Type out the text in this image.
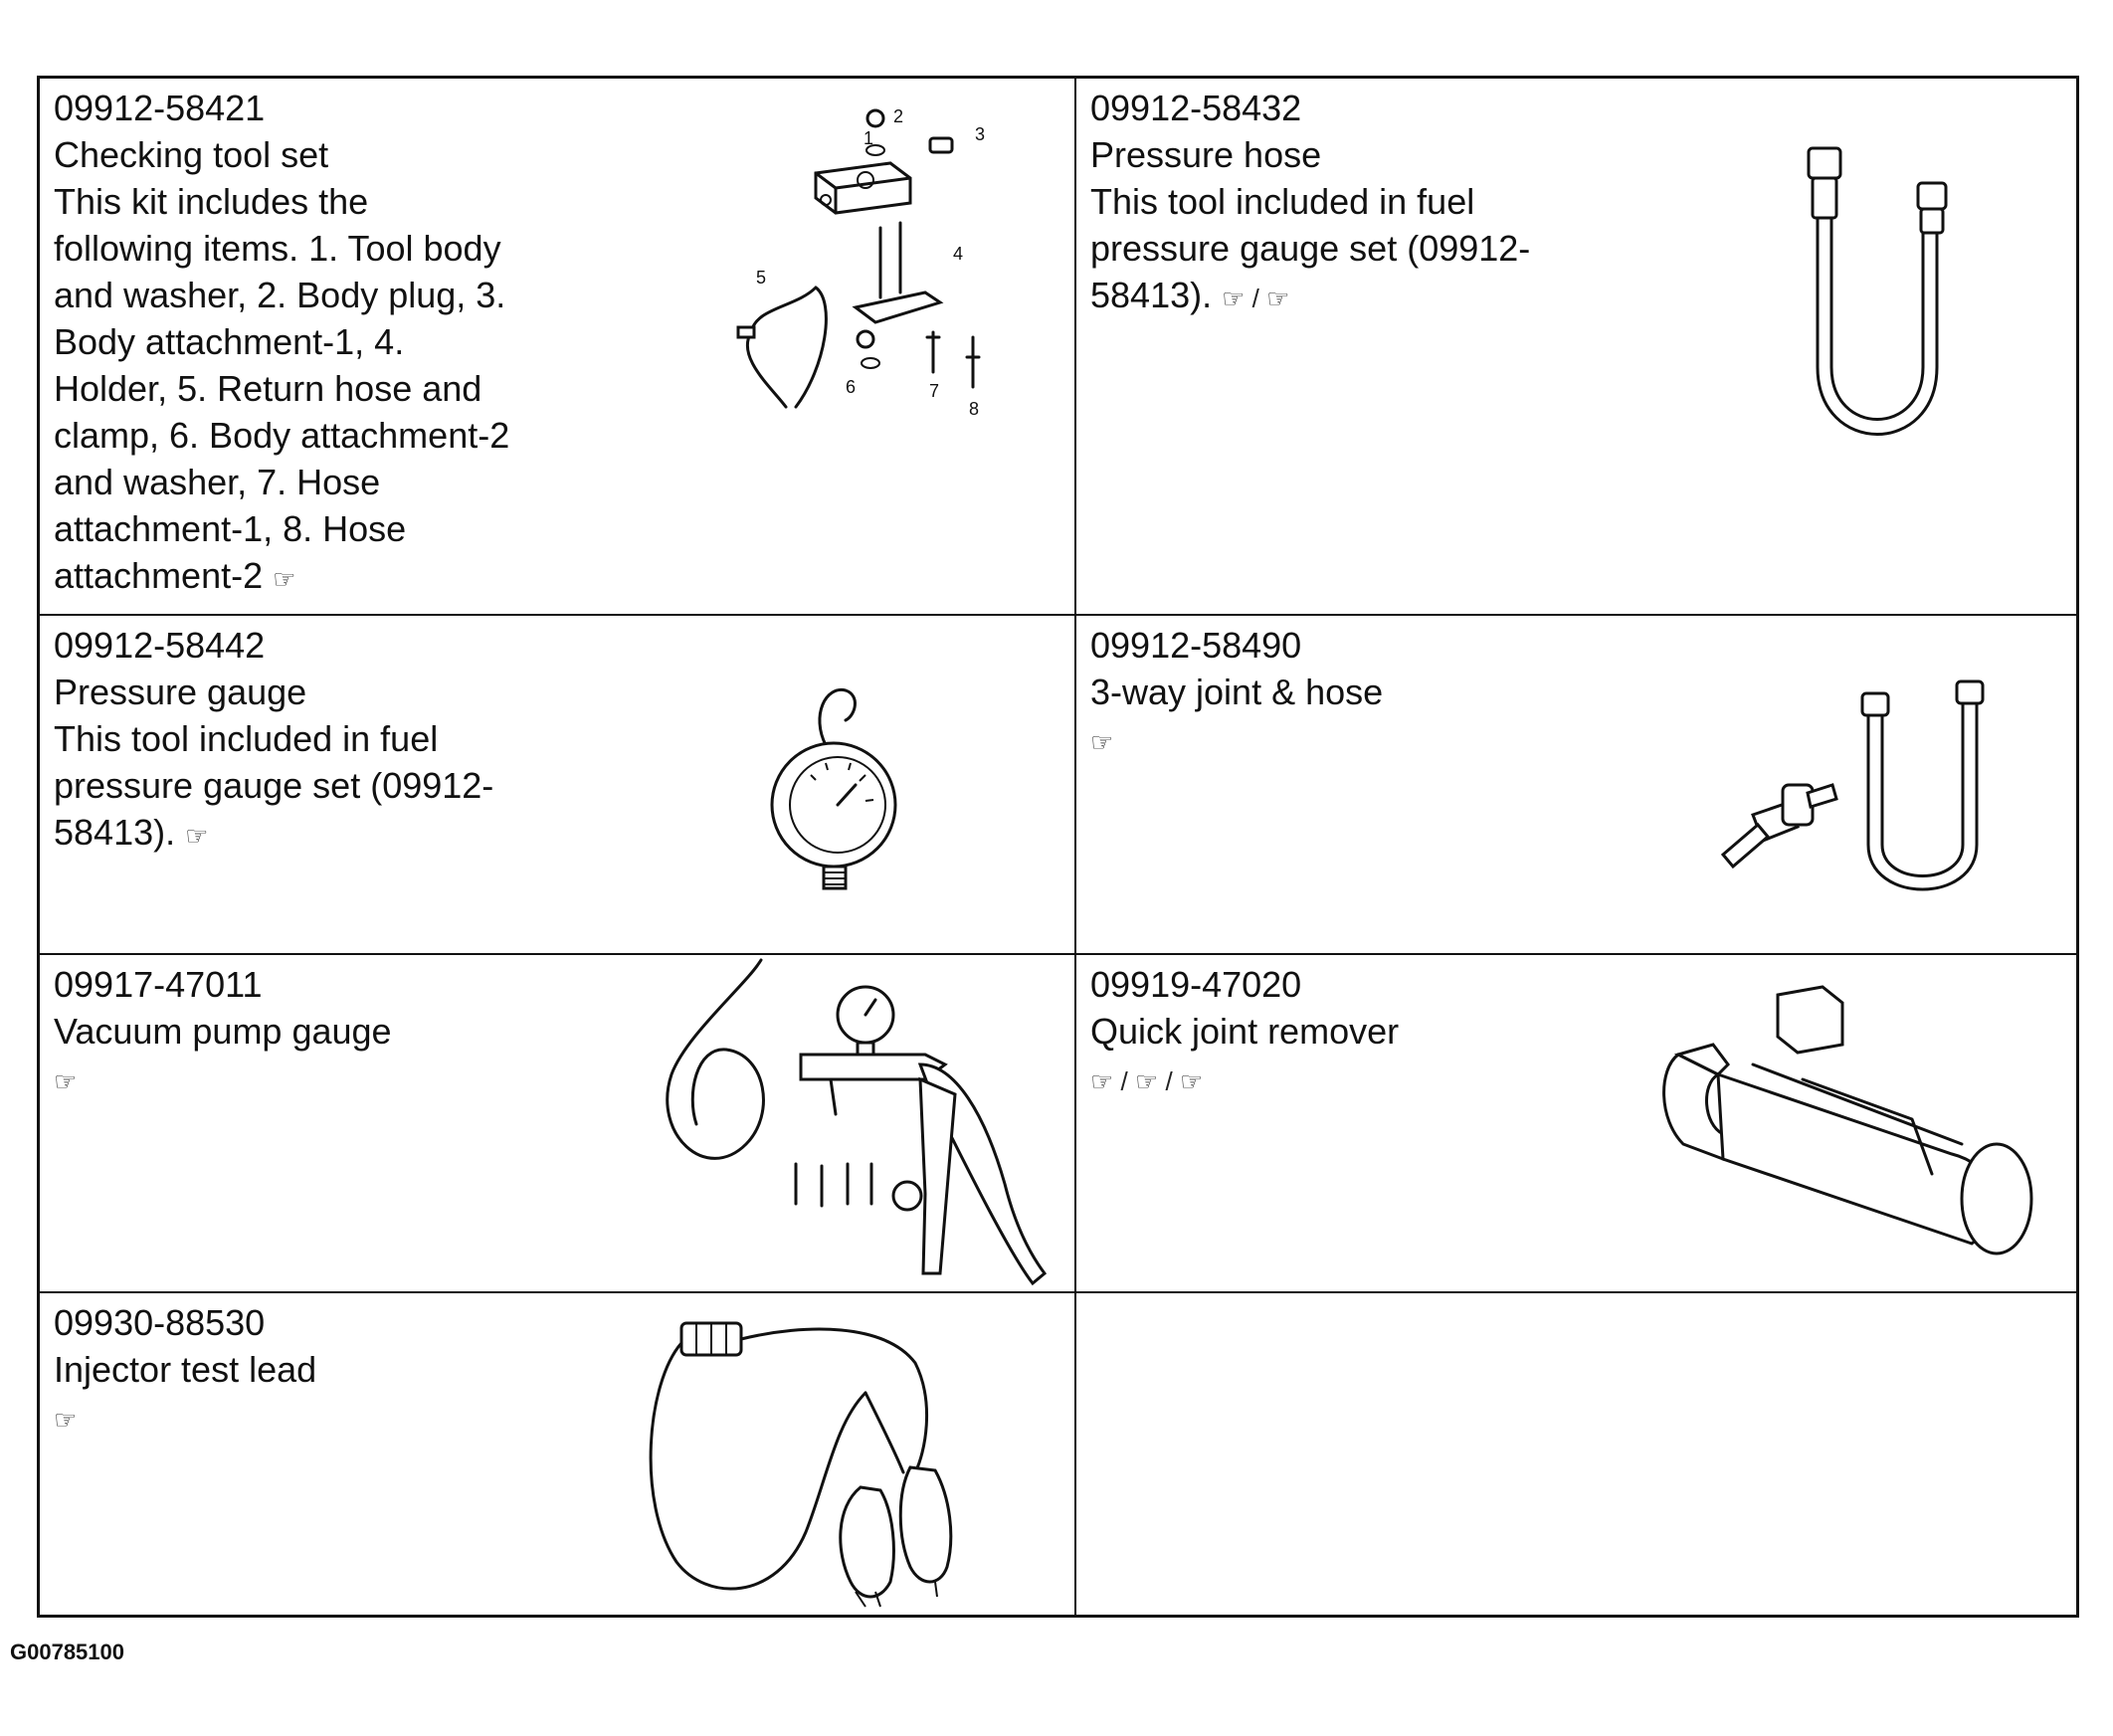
09912-58421
Checking tool set
This kit includes the
following items. 1. Tool body
and washer, 2. Body plug, 3.
Body attachment-1, 4.
Holder, 5. Return hose and
clamp, 6. Body attachment-2
and washer, 7. Hose
attachment-1, 8. Hose
attachment-2 ☞
1
2
3
4
5
6	7
8
09912-58432
Pressure hose
This tool included in fuel
pressure gauge set (09912-
58413). ☞ / ☞
09912-58442
Pressure gauge
This tool included in fuel
pressure gauge set (09912-
58413). ☞
09912-58490
3-way joint & hose
☞
09917-47011
Vacuum pump gauge
☞
09919-47020
Quick joint remover
☞ / ☞ / ☞
09930-88530
Injector test lead
☞
G00785100
